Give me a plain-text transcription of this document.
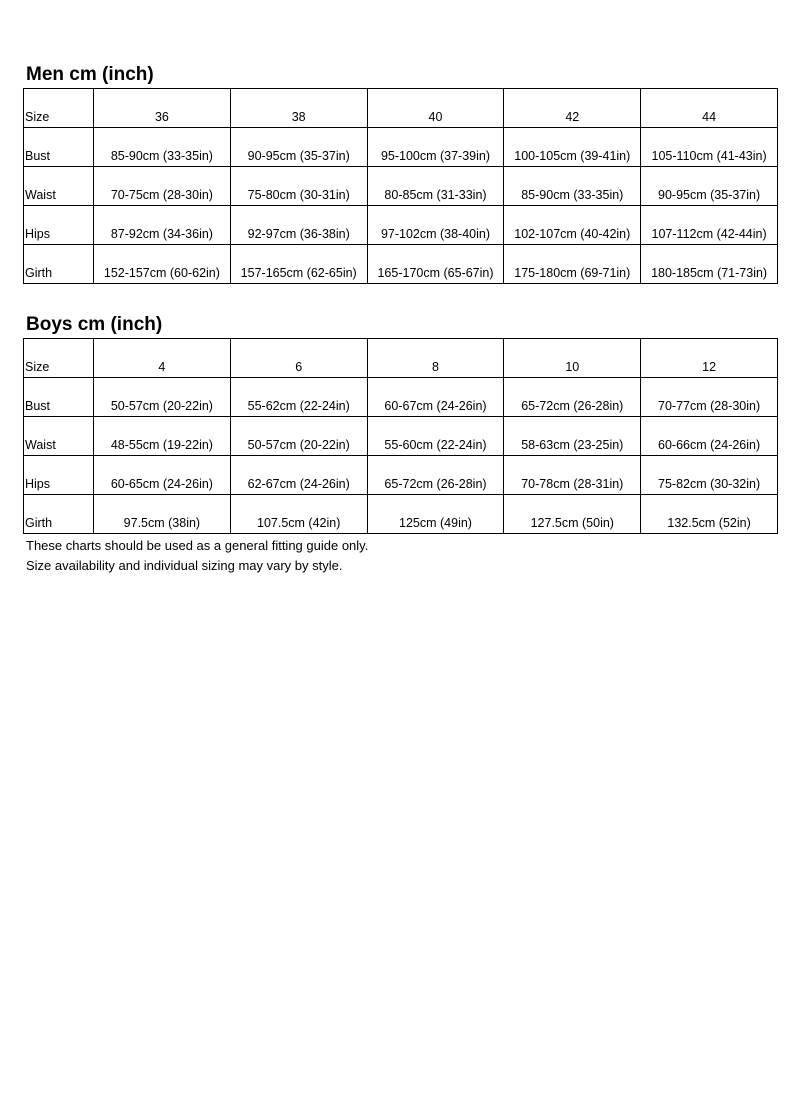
Men cm (inch)
Size	36	38	40	42	44
Bust	85-90cm (33-35in)	90-95cm (35-37in)	95-100cm (37-39in)	100-105cm (39-41in)	105-110cm (41-43in)
Waist	70-75cm (28-30in)	75-80cm (30-31in)	80-85cm (31-33in)	85-90cm (33-35in)	90-95cm (35-37in)
Hips	87-92cm (34-36in)	92-97cm (36-38in)	97-102cm (38-40in)	102-107cm (40-42in)	107-112cm (42-44in)
Girth	152-157cm (60-62in)	157-165cm (62-65in)	165-170cm (65-67in)	175-180cm (69-71in)	180-185cm (71-73in)
Boys cm (inch)
Size	4	6	8	10	12
Bust	50-57cm (20-22in)	55-62cm (22-24in)	60-67cm (24-26in)	65-72cm (26-28in)	70-77cm (28-30in)
Waist	48-55cm (19-22in)	50-57cm (20-22in)	55-60cm (22-24in)	58-63cm (23-25in)	60-66cm (24-26in)
Hips	60-65cm (24-26in)	62-67cm (24-26in)	65-72cm (26-28in)	70-78cm (28-31in)	75-82cm (30-32in)
Girth	97.5cm (38in)	107.5cm (42in)	125cm (49in)	127.5cm (50in)	132.5cm (52in)

These charts should be used as a general fitting guide only.

Size availability and individual sizing may vary by style.
